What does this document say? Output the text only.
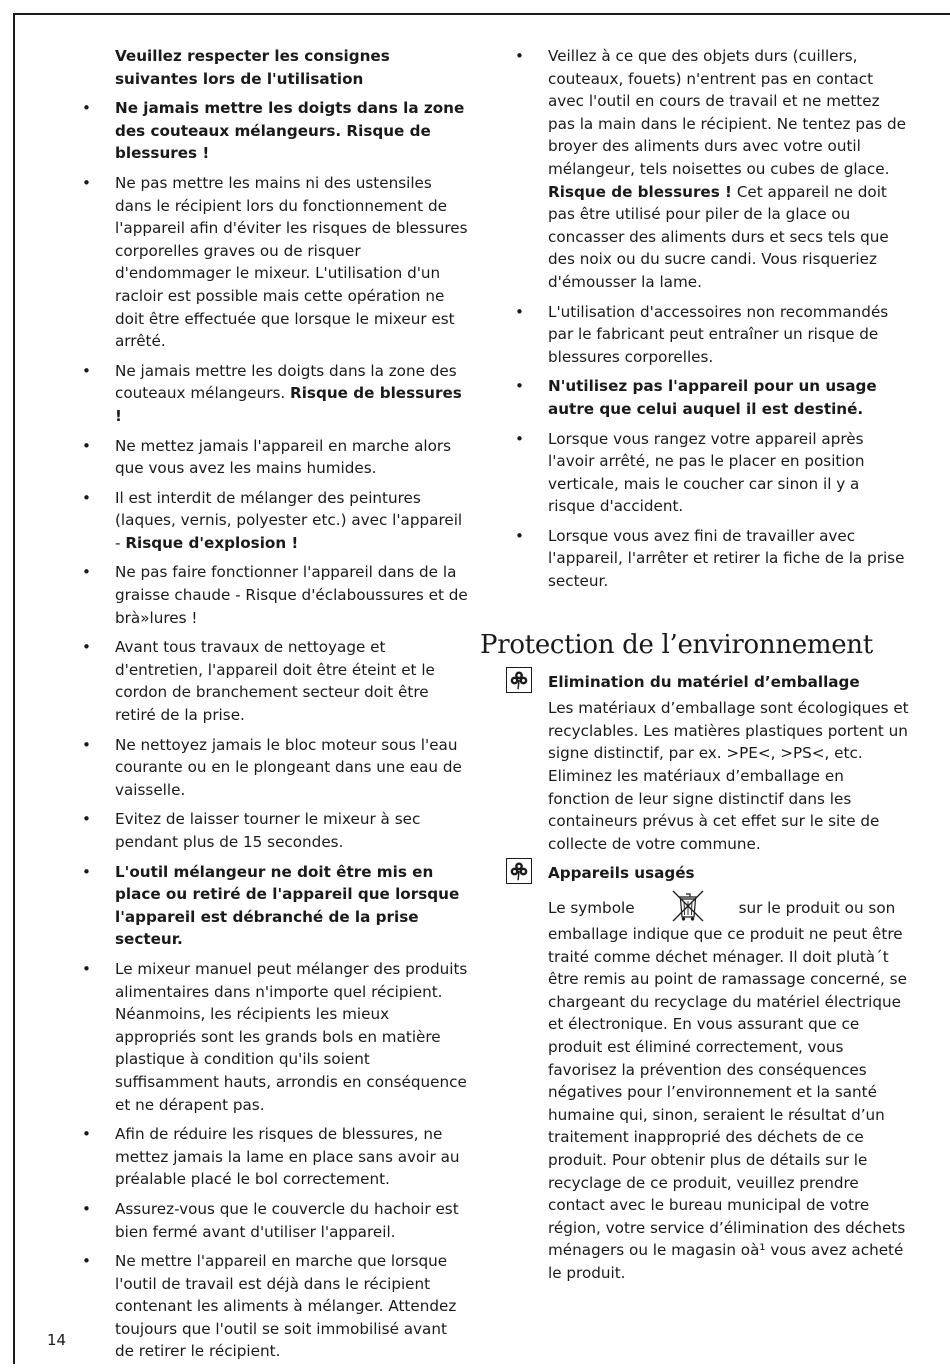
Veuillez respecter les consignes suivantes lors de l'utilisation
•	Ne jamais mettre les doigts dans la zone des couteaux mélangeurs. Risque de blessures !
•	Ne pas mettre les mains ni des ustensiles dans le récipient lors du fonctionnement de l'appareil afin d'éviter les risques de blessures corporelles graves ou de risquer d'endommager le mixeur. L'utilisation d'un racloir est possible mais cette opération ne doit être effectuée que lorsque le mixeur est arrêté.
•	Ne jamais mettre les doigts dans la zone des couteaux mélangeurs. Risque de blessures !
•	Ne mettez jamais l'appareil en marche alors que vous avez les mains humides.
•	Il est interdit de mélanger des peintures (laques, vernis, polyester etc.) avec l'appareil - Risque d'explosion !
•	Ne pas faire fonctionner l'appareil dans de la graisse chaude - Risque d'éclaboussures et de brà»lures !
•	Avant tous travaux de nettoyage et d'entretien, l'appareil doit être éteint et le cordon de branchement secteur doit être retiré de la prise.
•	Ne nettoyez jamais le bloc moteur sous l'eau courante ou en le plongeant dans une eau de vaisselle.
•	Evitez de laisser tourner le mixeur à sec pendant plus de 15 secondes.
•	L'outil mélangeur ne doit être mis en place ou retiré de l'appareil que lorsque l'appareil est débranché de la prise secteur.
•	Le mixeur manuel peut mélanger des produits alimentaires dans n'importe quel récipient. Néanmoins, les récipients les mieux appropriés sont les grands bols en matière plastique à condition qu'ils soient suffisamment hauts, arrondis en conséquence et ne dérapent pas.
•	Afin de réduire les risques de blessures, ne mettez jamais la lame en place sans avoir au préalable placé le bol correctement.
•	Assurez-vous que le couvercle du hachoir est bien fermé avant d'utiliser l'appareil.
•	Ne mettre l'appareil en marche que lorsque l'outil de travail est déjà dans le récipient contenant les aliments à mélanger. Attendez toujours que l'outil se soit immobilisé avant de retirer le récipient.
•	Veillez à ce que des objets durs (cuillers, couteaux, fouets) n'entrent pas en contact avec l'outil en cours de travail et ne mettez pas la main dans le récipient. Ne tentez pas de broyer des aliments durs avec votre outil mélangeur, tels noisettes ou cubes de glace. Risque de blessures ! Cet appareil ne doit pas être utilisé pour piler de la glace ou concasser des aliments durs et secs tels que des noix ou du sucre candi. Vous risqueriez d'émousser la lame.
•	L'utilisation d'accessoires non recommandés par le fabricant peut entraîner un risque de blessures corporelles.
•	N'utilisez pas l'appareil pour un usage autre que celui auquel il est destiné.
•	Lorsque vous rangez votre appareil après l'avoir arrêté, ne pas le placer en position verticale, mais le coucher car sinon il y a risque d'accident.
•	Lorsque vous avez fini de travailler avec l'appareil, l'arrêter et retirer la fiche de la prise secteur.
Protection de l’environnement
Elimination du matériel d’emballage
Les matériaux d’emballage sont écologiques et recyclables. Les matières plastiques portent un signe distinctif, par ex. >PE<, >PS<, etc. Eliminez les matériaux d’emballage en fonction de leur signe distinctif dans les containeurs prévus à cet effet sur le site de collecte de votre commune.
Appareils usagés
Le symbole	sur le produit ou son emballage indique que ce produit ne peut être traité comme déchet ménager. Il doit plutà´t être remis au point de ramassage concerné, se chargeant du recyclage du matériel électrique et électronique. En vous assurant que ce produit est éliminé correctement, vous favorisez la prévention des conséquences négatives pour l’environnement et la santé humaine qui, sinon, seraient le résultat d’un traitement inapproprié des déchets de ce produit. Pour obtenir plus de détails sur le recyclage de ce produit, veuillez prendre contact avec le bureau municipal de votre région, votre service d’élimination des déchets ménagers ou le magasin oà¹ vous avez acheté le produit.
14
